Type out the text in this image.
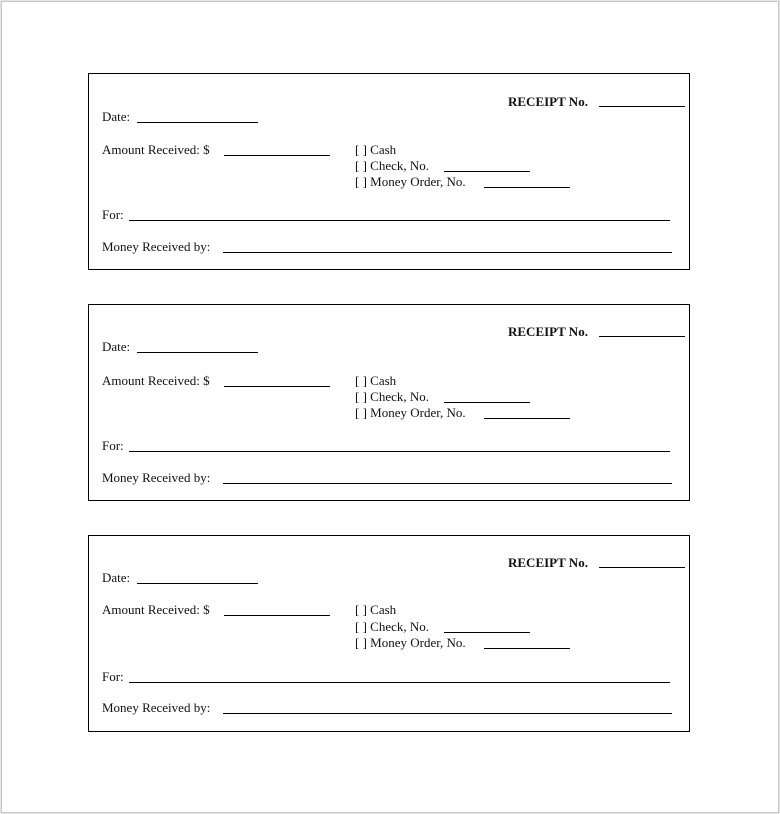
RECEIPT No.
Date:
Amount Received: $	[ ] Cash
[ ] Check, No.
[ ] Money Order, No.
For:
Money Received by:
RECEIPT No.
Date:
Amount Received: $	[ ] Cash
[ ] Check, No.
[ ] Money Order, No.
For:
Money Received by:
RECEIPT No.
Date:
Amount Received: $	[ ] Cash
[ ] Check, No.
[ ] Money Order, No.
For:
Money Received by:
